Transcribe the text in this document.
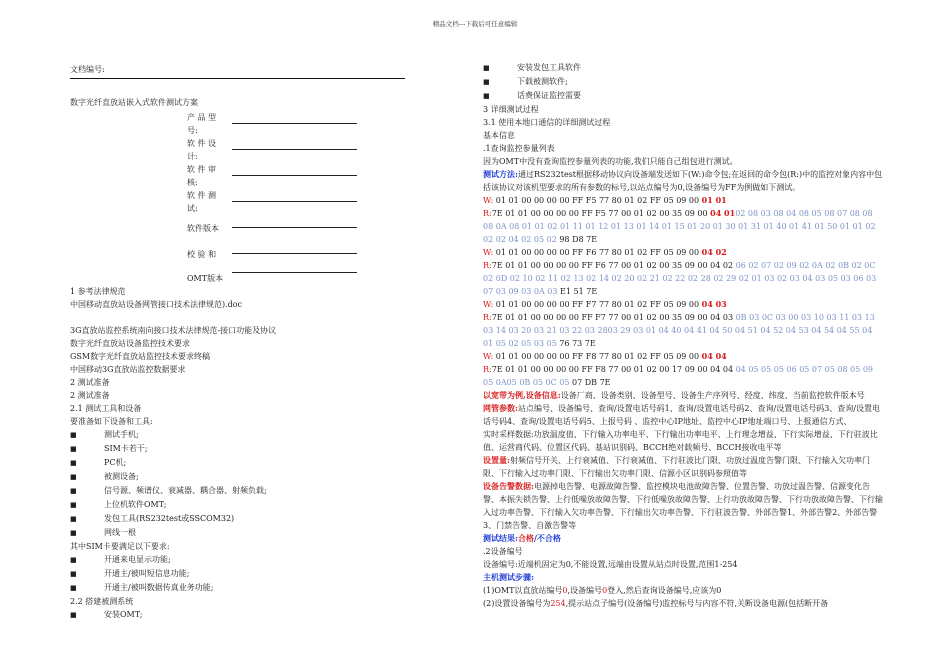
精品文档---下载后可任意编辑
文档编号:
数字光纤直放站嵌入式软件测试方案
产品型
号:
软件设
计:
软件审
核:
软件测
试:
软件版本
校 验 和
OMT版本
1 参考法律规范
中国移动直放站设备网管接口技术法律规范).doc
3G直放站监控系统南向接口技术法律规范-接口功能及协议
数字光纤直放站设备监控技术要求
GSM数字光纤直放站监控技术要求终稿
中国移动3G直放站监控数据要求
2 测试准备
2 测试准备
2.1 测试工具和设备
要准备如下设备和工具:
■	测试手机;
■	SIM卡若干;
■	PC机;
■	被测设备;
■	信号源、频谱仪、衰减器、耦合器、射频负载;
■	上位机软件OMT;
■	发包工具(RS232test或SSCOM32)
■	网线一根
其中SIM卡要满足以下要求:
■	开通来电显示功能;
■	开通主/被叫短信息功能;
■	开通主/被叫数据传真业务功能;
2.2 搭建被测系统
■	安装OMT;
■	安装发包工具软件
■	下载被测软件;
■	话费保证监控需要
3 详细测试过程
3.1 使用本地口通信的详细测试过程
基本信息
.1查询监控参量列表
因为OMT中没有查询监控参量列表的功能,我们只能自己组包进行测试。
测试方法:通过RS232test根据移动协议向设备端发送如下(W:)命令包;在返回的命令包(R:)中的监控对象内容中包括该协议对该机型要求的所有参数的标号,以站点编号为0,设备编号为FF为例做如下测试。
W: 01 01 00 00 00 00 FF F5 77 80 01 02 FF 05 09 00 01 01
R:7E 01 01 00 00 00 00 FF F5 77 00 01 02 00 35 09 00 04 0102 08 03 08 04 08 05 08 07 08 08 08 0A 08 01 01 02 01 11 01 12 01 13 01 14 01 15 01 20 01 30 01 31 01 40 01 41 01 50 01 01 02 02 02 04 02 05 02 98 D8 7E
W: 01 01 00 00 00 00 FF F6 77 80 01 02 FF 05 09 00 04 02
R:7E 01 01 00 00 00 00 FF F6 77 00 01 02 00 35 09 00 04 02 06 02 07 02 09 02 0A 02 0B 02 0C 02 0D 02 10 02 11 02 13 02 14 02 20 02 21 02 22 02 28 02 29 02 01 03 02 03 04 03 05 03 06 03 07 03 09 03 0A 03 E1 51 7E
W: 01 01 00 00 00 00 FF F7 77 80 01 02 FF 05 09 00 04 03
R:7E 01 01 00 00 00 00 FF F7 77 00 01 02 00 35 09 00 04 03 0B 03 0C 03 00 03 10 03 11 03 13 03 14 03 20 03 21 03 22 03 2803 29 03 01 04 40 04 41 04 50 04 51 04 52 04 53 04 54 04 55 04 01 05 02 05 03 05 76 73 7E
W: 01 01 00 00 00 00 FF F8 77 80 01 02 FF 05 09 00 04 04
R:7E 01 01 00 00 00 00 FF F8 77 00 01 02 00 17 09 00 04 04 04 05 05 05 06 05 07 05 08 05 09 05 0A05 0B 05 0C 05 07 DB 7E
以宽带为例,设备信息:设备厂商、设备类别、设备型号、设备生产序列号、经度、纬度、当前监控软件版本号
网管参数:站点编号、设备编号、查询/设置电话号码1、查询/设置电话号码2、查询/设置电话号码3、查询/设置电话号码4、查询/设置电话号码5、上报号码 、监控中心IP地址、监控中心IP地址端口号、上报通信方式、
实时采样数据:功放温度值、下行输入功率电平、下行输出功率电平、上行理念增益、下行实际增益、下行驻波比值、运营商代码、位置区代码、基站识别码、BCCH绝对载频号、BCCH接收电平等
设置量:射频信号开关、上行衰减值、下行衰减值、下行驻波比门限、功放过温度告警门限、下行输入欠功率门限、下行输入过功率门限、下行输出欠功率门限、信源小区识别码参照值等
设备告警数据:电源掉电告警、电源故障告警、监控模块电池故障告警、位置告警、功放过温告警、信源变化告警、本振失锁告警、上行低噪放故障告警、下行低噪放故障告警、上行功放故障告警、下行功放故障告警、下行输入过功率告警、下行输入欠功率告警、下行输出欠功率告警、下行驻波告警、外部告警1、外部告警2、外部告警3、门禁告警、自激告警等
测试结果:合格/不合格
.2设备编号
设备编号:近端机固定为0,不能设置,远端由设置从站点时设置,范围1-254
主机测试步骤:
(1)OMT以直放站编号0,设备编号0登入,然后查询设备编号,应该为0
(2)设置设备编号为254,提示站点子编号(设备编号)监控标号与内容不符,关断设备电源(包括断开备
